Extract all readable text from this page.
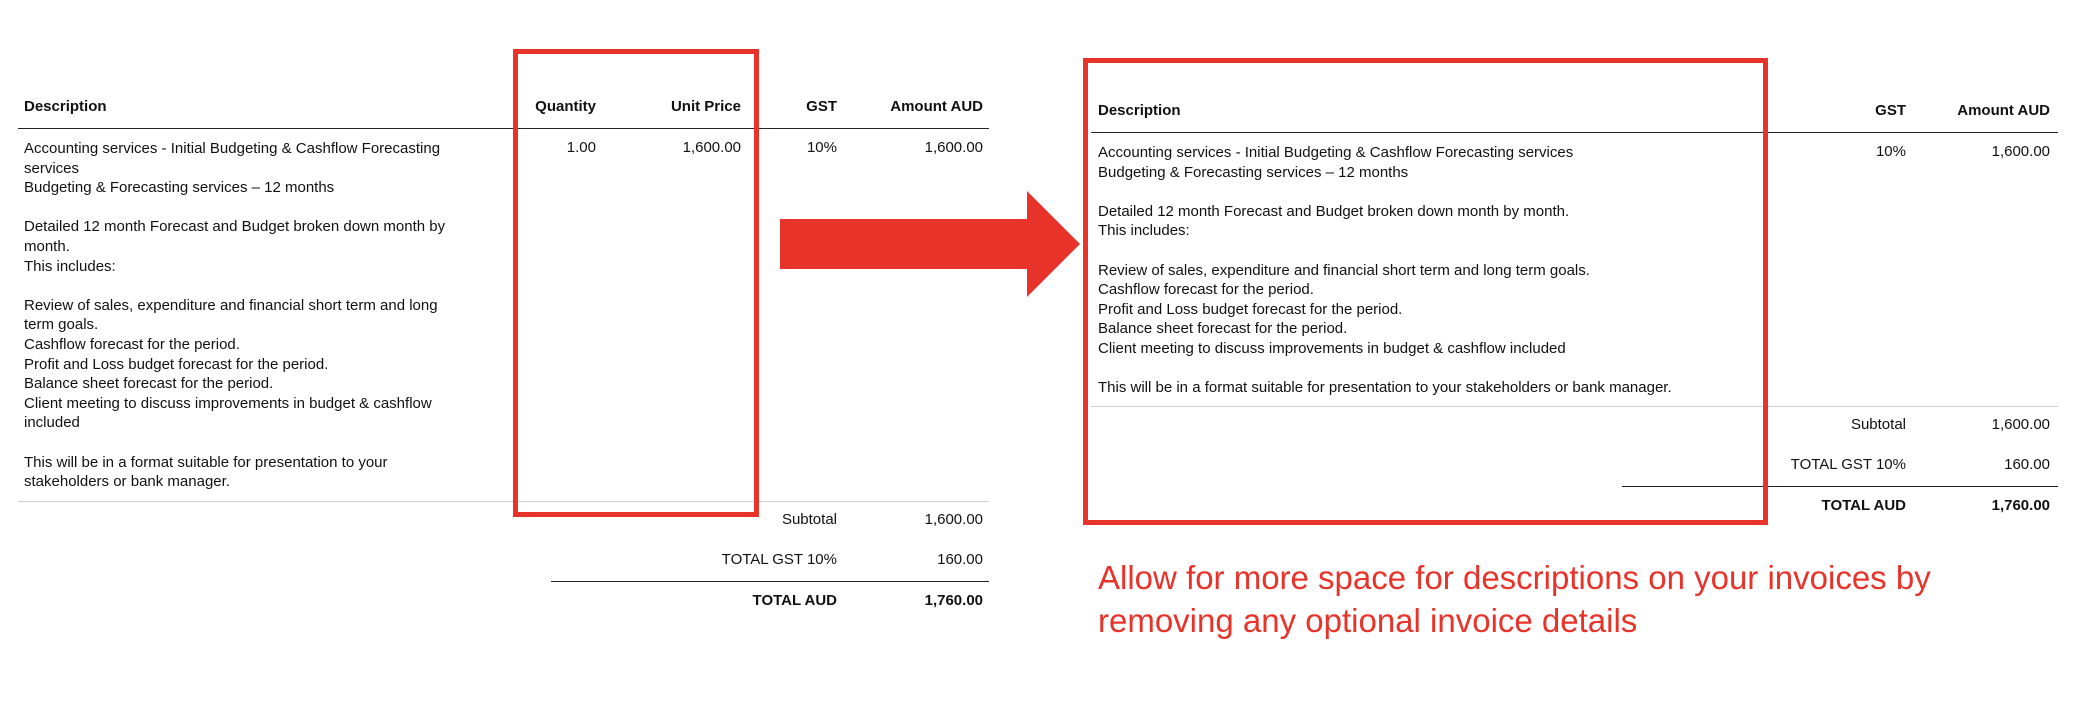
Description	Quantity	Unit Price	GST	Amount AUD
Accounting services - Initial Budgeting & Cashflow Forecasting
services
Budgeting & Forecasting services – 12 months

Detailed 12 month Forecast and Budget broken down month by
month.
This includes:

Review of sales, expenditure and financial short term and long
term goals.
Cashflow forecast for the period.
Profit and Loss budget forecast for the period.
Balance sheet forecast for the period.
Client meeting to discuss improvements in budget & cashflow
included

This will be in a format suitable for presentation to your
stakeholders or bank manager.
1.00	1,600.00	10%	1,600.00
Subtotal	1,600.00
TOTAL GST 10%	160.00
TOTAL AUD	1,760.00
Description	GST	Amount AUD
Accounting services - Initial Budgeting & Cashflow Forecasting services
Budgeting & Forecasting services – 12 months

Detailed 12 month Forecast and Budget broken down month by month.
This includes:

Review of sales, expenditure and financial short term and long term goals.
Cashflow forecast for the period.
Profit and Loss budget forecast for the period.
Balance sheet forecast for the period.
Client meeting to discuss improvements in budget & cashflow included

This will be in a format suitable for presentation to your stakeholders or bank manager.
10%	1,600.00
Subtotal	1,600.00
TOTAL GST 10%	160.00
TOTAL AUD	1,760.00
Allow for more space for descriptions on your invoices by removing any optional invoice details
